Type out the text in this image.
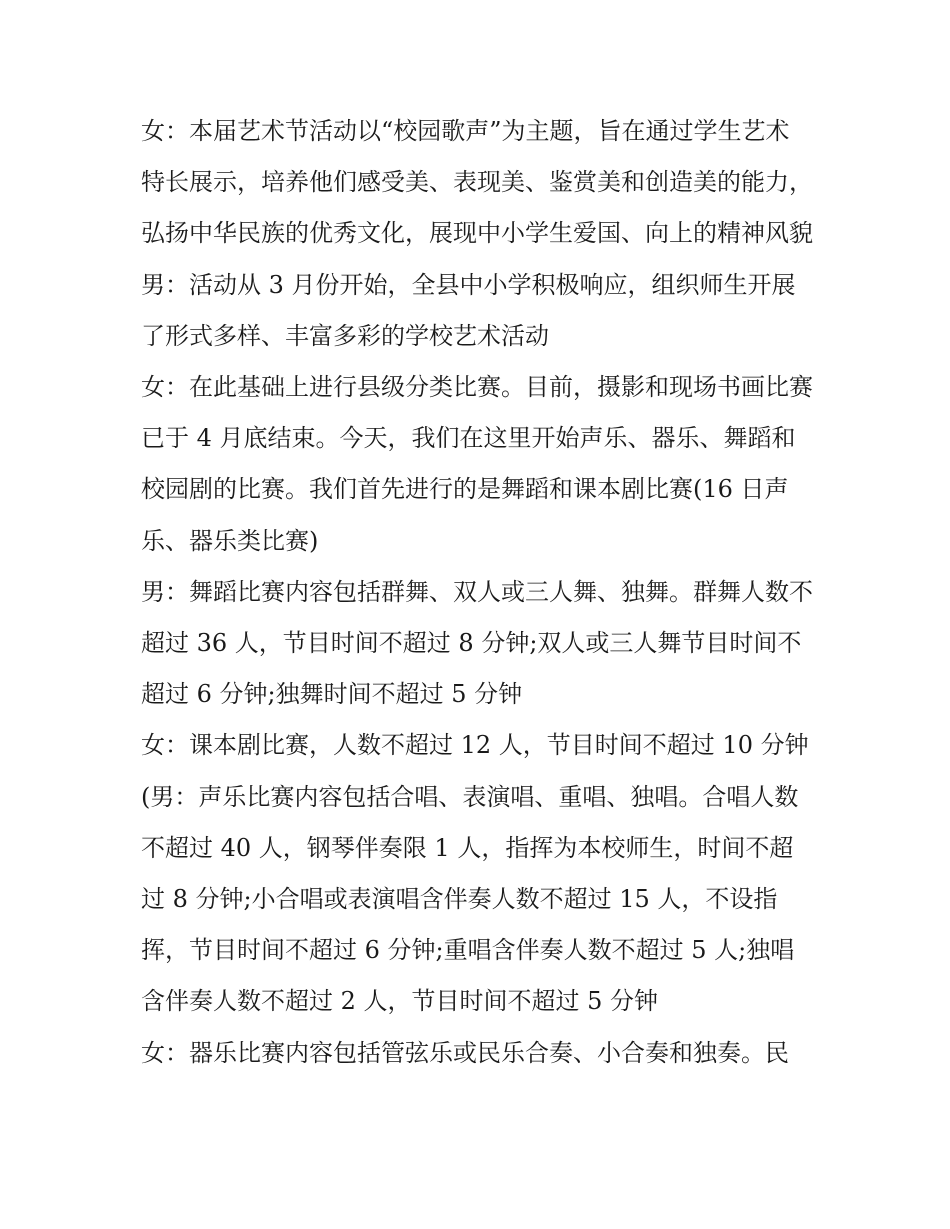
女：本届艺术节活动以“校园歌声”为主题，旨在通过学生艺术特长展示，培养他们感受美、表现美、鉴赏美和创造美的能力，弘扬中华民族的优秀文化，展现中小学生爱国、向上的精神风貌

男：活动从 3 月份开始，全县中小学积极响应，组织师生开展了形式多样、丰富多彩的学校艺术活动

女：在此基础上进行县级分类比赛。目前，摄影和现场书画比赛已于 4 月底结束。今天，我们在这里开始声乐、器乐、舞蹈和校园剧的比赛。我们首先进行的是舞蹈和课本剧比赛(16 日声乐、器乐类比赛)

男：舞蹈比赛内容包括群舞、双人或三人舞、独舞。群舞人数不超过 36 人，节目时间不超过 8 分钟;双人或三人舞节目时间不超过 6 分钟;独舞时间不超过 5 分钟

女：课本剧比赛，人数不超过 12 人，节目时间不超过 10 分钟(男：声乐比赛内容包括合唱、表演唱、重唱、独唱。合唱人数不超过 40 人，钢琴伴奏限 1 人，指挥为本校师生，时间不超过 8 分钟;小合唱或表演唱含伴奏人数不超过 15 人，不设指挥，节目时间不超过 6 分钟;重唱含伴奏人数不超过 5 人;独唱含伴奏人数不超过 2 人，节目时间不超过 5 分钟

女：器乐比赛内容包括管弦乐或民乐合奏、小合奏和独奏。民
